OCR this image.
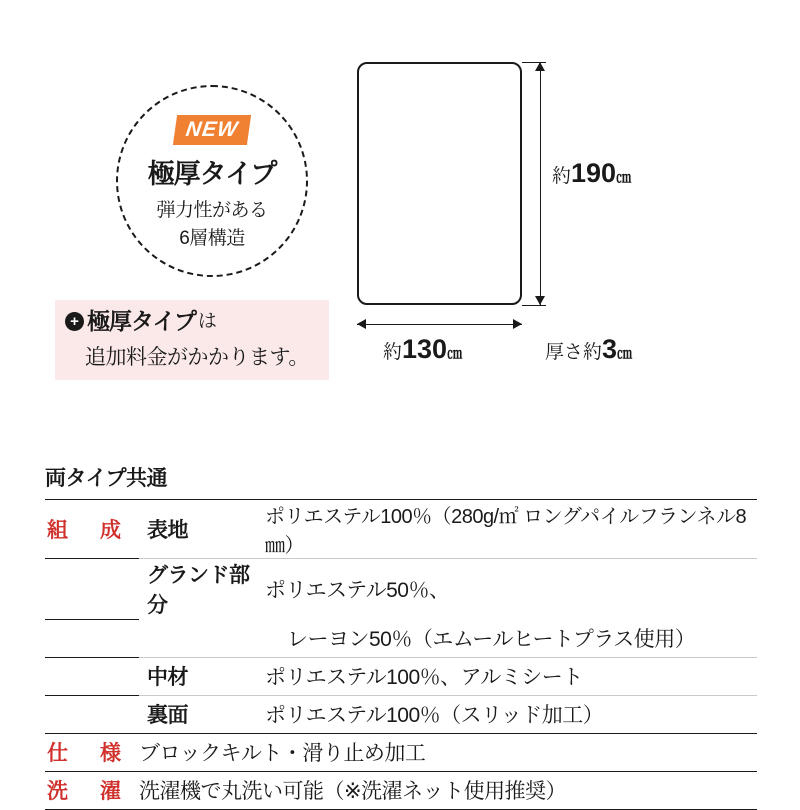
NEW
極厚タイプ
弾力性がある
6層構造
+ 極厚タイプ は
追加料金がかかります。
約190㎝
約130㎝	厚さ約3㎝
両タイプ共通
組　成	表地	ポリエステル100％（280g/㎡ ロングパイルフランネル8㎜）
	グランド部分	ポリエステル50％、
		レーヨン50％（エムールヒートプラス使用）
	中材	ポリエステル100％、アルミシート
	裏面	ポリエステル100％（スリッド加工）
仕　様	ブロックキルト・滑り止め加工	
洗　濯	洗濯機で丸洗い可能（※洗濯ネット使用推奨）	
